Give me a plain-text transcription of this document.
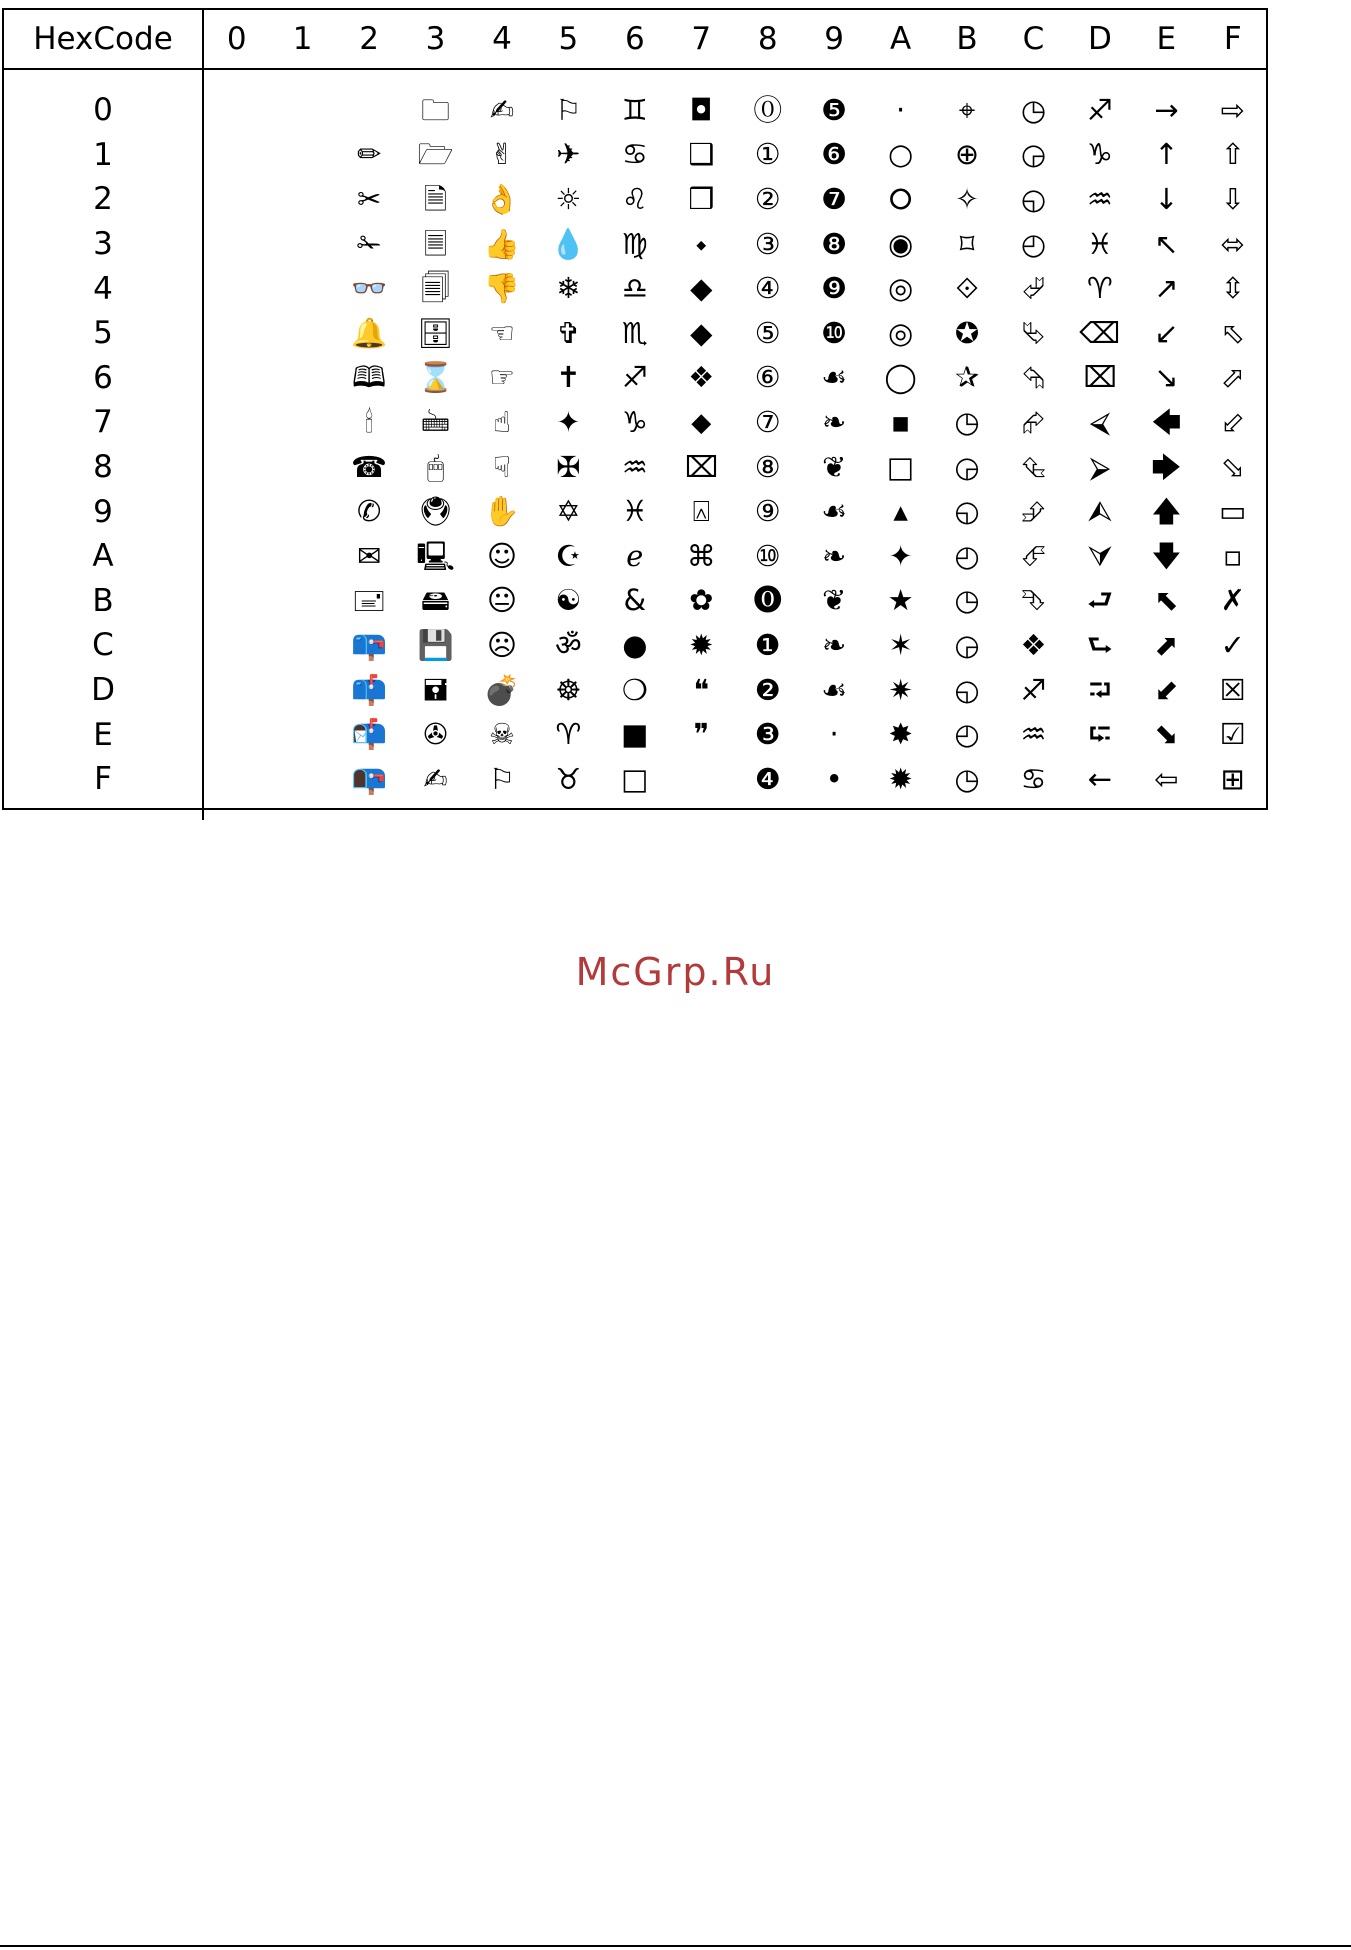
HexCode	0	1	2	3	4	5	6	7	8	9	A	B	C	D	E	F

0				🗀	✍	⚐	♊	◘	⓪	❺	·	⌖	◷	♐	→	⇨
1			✏	🗁	✌	✈	♋	❑	①	❻	○	⊕	◶	♑	↑	⇧
2			✂	🗎	👌	☼	♌	❒	②	❼	⭘	✧	◵	♒	↓	⇩
3			✁	🗏	👍	💧	♍	⬩	③	❽	◉	⌑	◴	♓	↖	⬄
4			👓	🗐	👎	❄	♎	◆	④	❾	◎	⟐	⮰	♈	↗	⇳
5			🔔	🗄	☜	✞	♏	◆	⑤	❿	◎	✪	⮱	⌫	↙	⬁
6			🕮	⌛	☞	✝	♐	❖	⑥	☙	◯	✰	⮲	⌧	↘	⬀
7			🕯	🖮	☝	✦	♑	⬥	⑦	❧	▪	◷	⮳	⮘	🡄	⬃
8			☎	🖱	☟	✠	♒	⌧	⑧	❦	□	◶	⮴	⮚	🡆	⬂
9			✆	🖲	✋	✡	♓	⍓	⑨	☙	▴	◵	⮵	⮙	🡅	▭
A			✉	🖳	☺	☪	ℯ	⌘	⑩	❧	✦	◴	⮶	⮛	🡇	▫
B			🖃	🖴	😐	☯	&	✿	⓿	❦	★	◷	⮷	⮐	⬉	✗
C			📪	💾	☹	ॐ	●	✹	❶	❧	✶	◶	❖	⮑	⬈	✓
D			📫	🖬	💣	☸	❍	❝	❷	☙	✷	◵	♐	⮒	⬋	☒
E			📬	✇	☠	♈	■	❞	❸	·	✸	◴	♒	⮓	⬊	☑
F			📭	✍	⚐	♉	□		❹	•	✹	◷	♋	←	⇦	⊞

McGrp.Ru
